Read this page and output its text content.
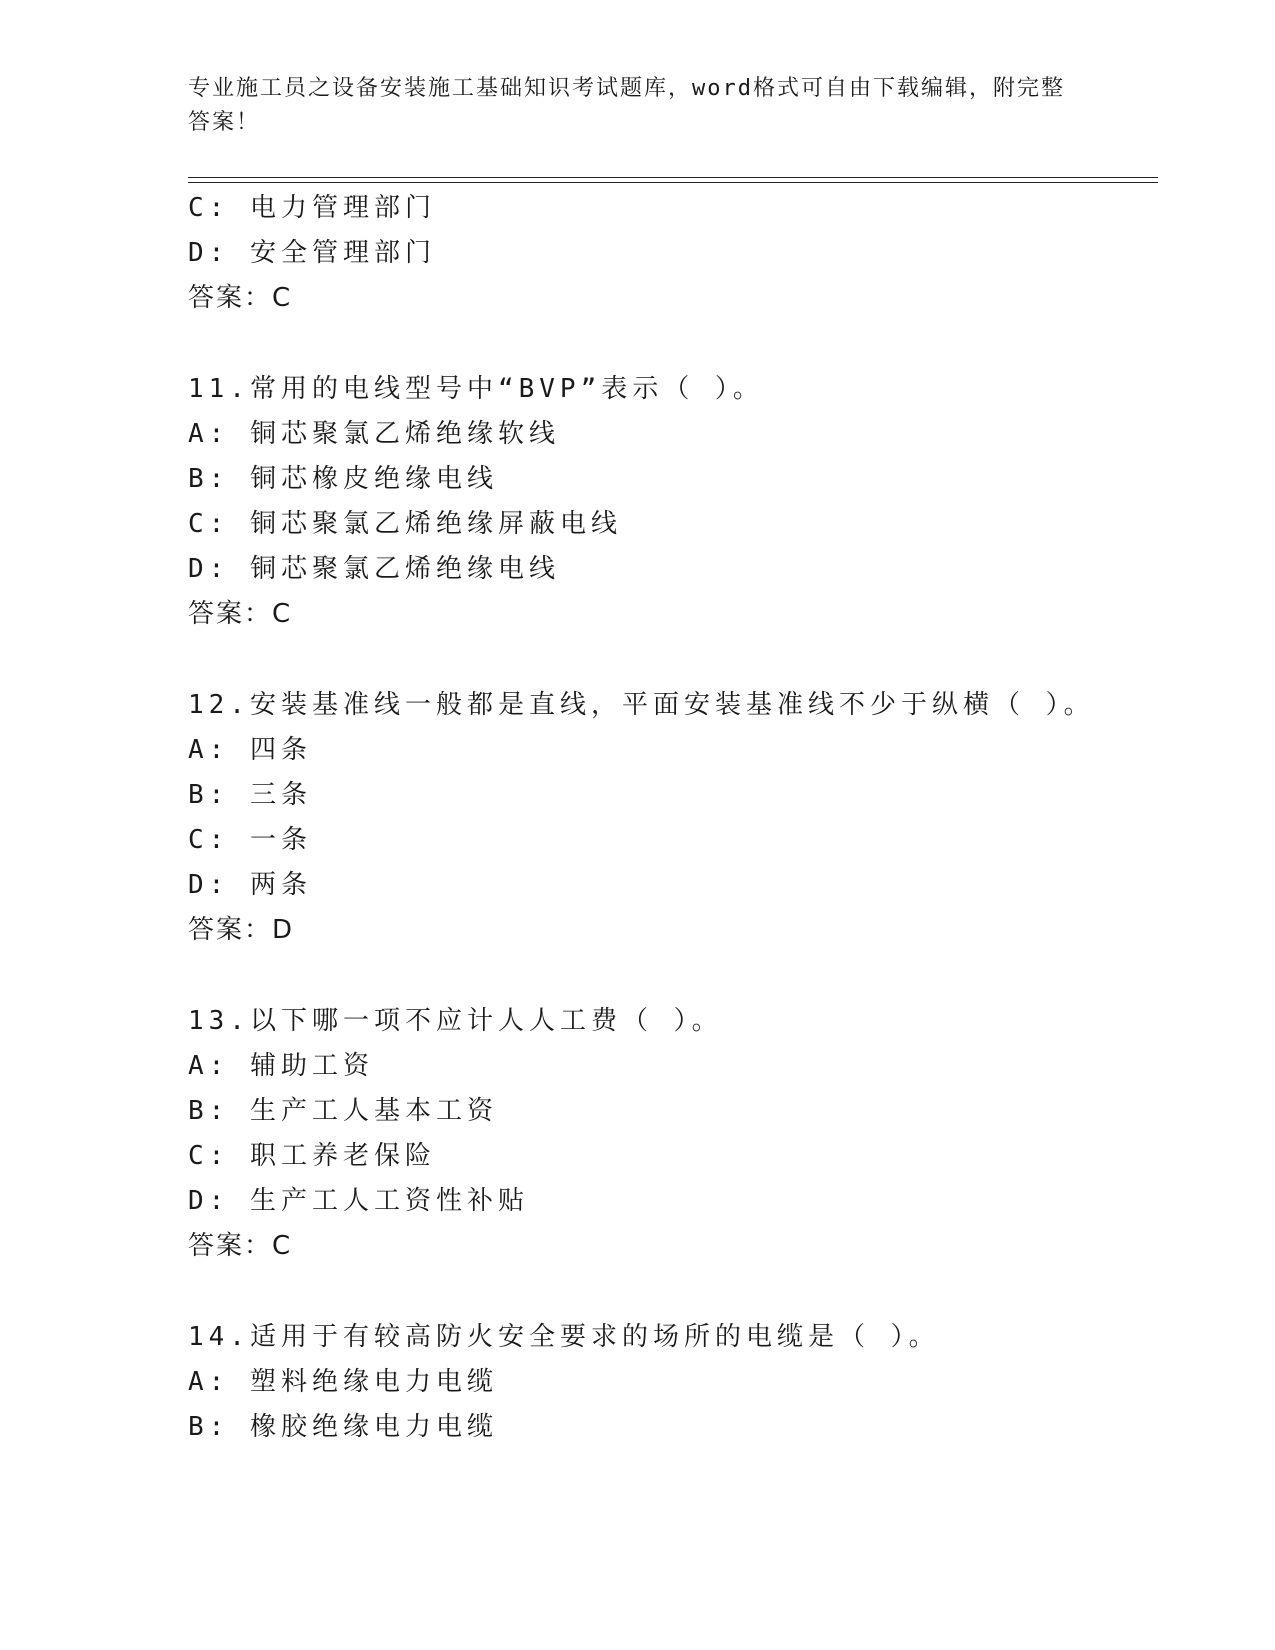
专业施工员之设备安装施工基础知识考试题库，word格式可自由下载编辑，附完整答案！
C: 电力管理部门
D: 安全管理部门
答案：C
11.常用的电线型号中“BVP”表示（ ）。
A: 铜芯聚氯乙烯绝缘软线
B: 铜芯橡皮绝缘电线
C: 铜芯聚氯乙烯绝缘屏蔽电线
D: 铜芯聚氯乙烯绝缘电线
答案：C
12.安装基准线一般都是直线，平面安装基准线不少于纵横（ ）。
A: 四条
B: 三条
C: 一条
D: 两条
答案：D
13.以下哪一项不应计人人工费（ ）。
A: 辅助工资
B: 生产工人基本工资
C: 职工养老保险
D: 生产工人工资性补贴
答案：C
14.适用于有较高防火安全要求的场所的电缆是（ ）。
A: 塑料绝缘电力电缆
B: 橡胶绝缘电力电缆
